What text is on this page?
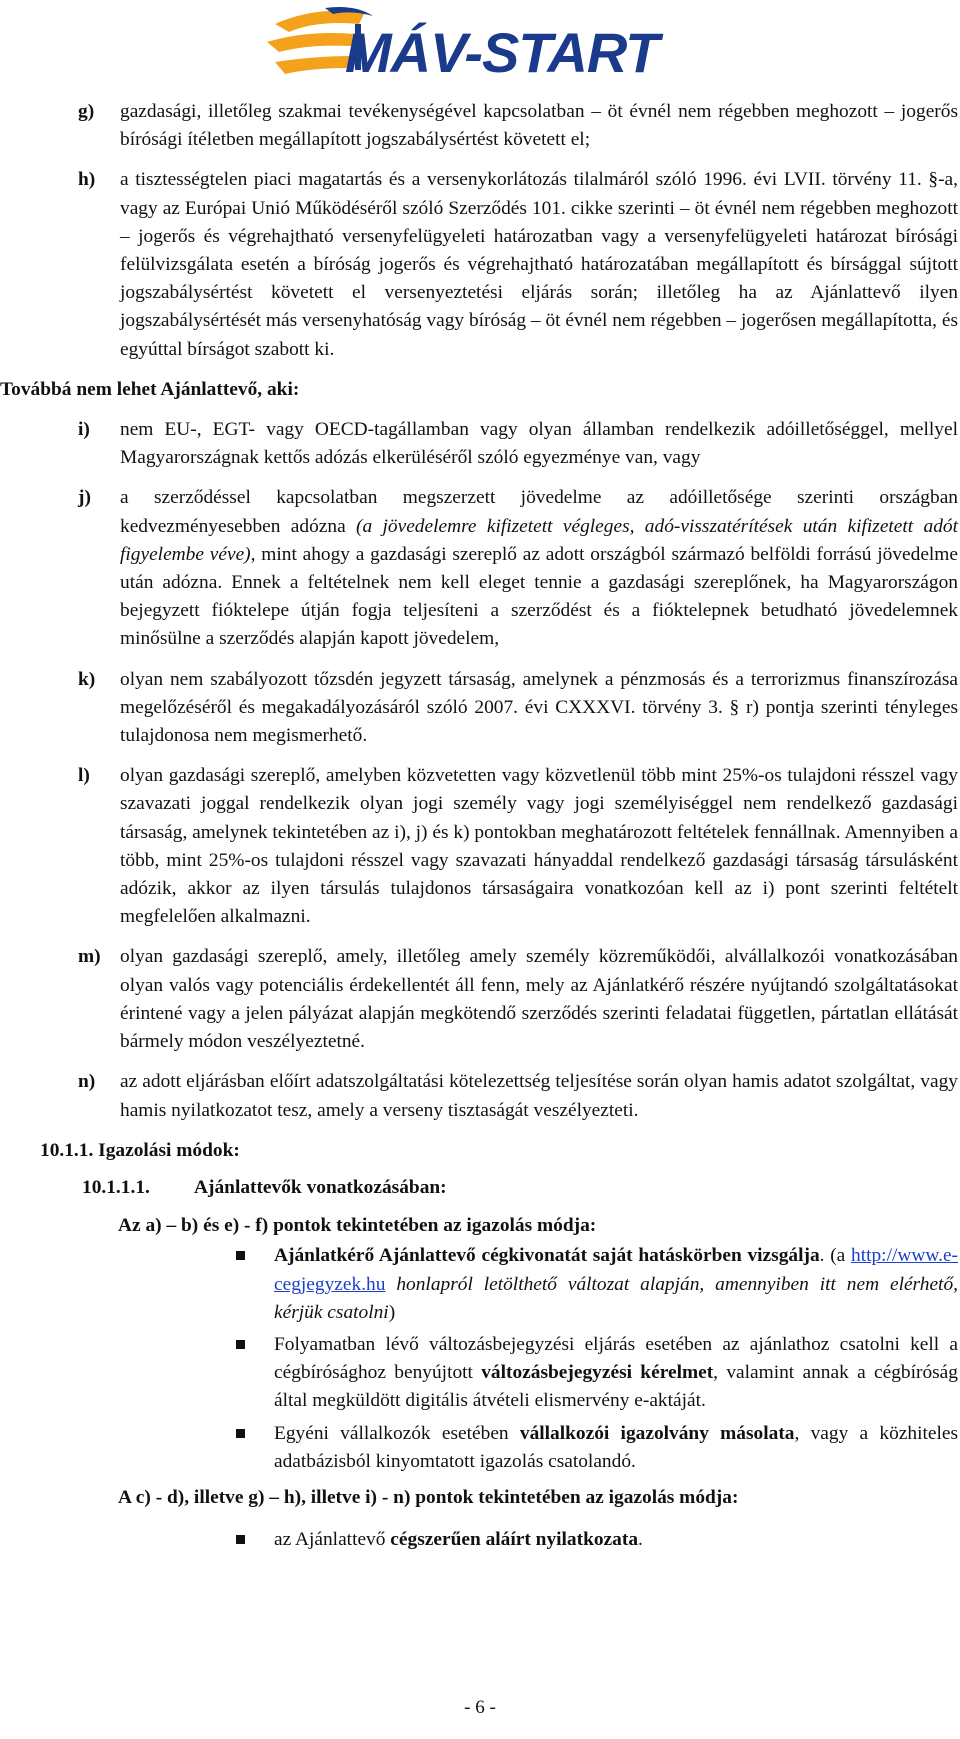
MÁV-START
g) gazdasági, illetőleg szakmai tevékenységével kapcsolatban – öt évnél nem régebben meghozott – jogerős bírósági ítéletben megállapított jogszabálysértést követett el;

h) a tisztességtelen piaci magatartás és a versenykorlátozás tilalmáról szóló 1996. évi LVII. törvény 11. §-a, vagy az Európai Unió Működéséről szóló Szerződés 101. cikke szerinti – öt évnél nem régebben meghozott – jogerős és végrehajtható versenyfelügyeleti határozatban vagy a versenyfelügyeleti határozat bírósági felülvizsgálata esetén a bíróság jogerős és végrehajtható határozatában megállapított és bírsággal sújtott jogszabálysértést követett el versenyeztetési eljárás során; illetőleg ha az Ajánlattevő ilyen jogszabálysértését más versenyhatóság vagy bíróság – öt évnél nem régebben – jogerősen megállapította, és egyúttal bírságot szabott ki.

Továbbá nem lehet Ajánlattevő, aki:
i) nem EU-, EGT- vagy OECD-tagállamban vagy olyan államban rendelkezik adóilletőséggel, mellyel Magyarországnak kettős adózás elkerüléséről szóló egyezménye van, vagy

j) a szerződéssel kapcsolatban megszerzett jövedelme az adóilletősége szerinti országban kedvezményesebben adózna (a jövedelemre kifizetett végleges, adó-visszatérítések után kifizetett adót figyelembe véve), mint ahogy a gazdasági szereplő az adott országból származó belföldi forrású jövedelme után adózna. Ennek a feltételnek nem kell eleget tennie a gazdasági szereplőnek, ha Magyarországon bejegyzett fióktelepe útján fogja teljesíteni a szerződést és a fióktelepnek betudható jövedelemnek minősülne a szerződés alapján kapott jövedelem,

k) olyan nem szabályozott tőzsdén jegyzett társaság, amelynek a pénzmosás és a terrorizmus finanszírozása megelőzéséről és megakadályozásáról szóló 2007. évi CXXXVI. törvény 3. § r) pontja szerinti tényleges tulajdonosa nem megismerhető.

l) olyan gazdasági szereplő, amelyben közvetetten vagy közvetlenül több mint 25%-os tulajdoni résszel vagy szavazati joggal rendelkezik olyan jogi személy vagy jogi személyiséggel nem rendelkező gazdasági társaság, amelynek tekintetében az i), j) és k) pontokban meghatározott feltételek fennállnak. Amennyiben a több, mint 25%-os tulajdoni résszel vagy szavazati hányaddal rendelkező gazdasági társaság társulásként adózik, akkor az ilyen társulás tulajdonos társaságaira vonatkozóan kell az i) pont szerinti feltételt megfelelően alkalmazni.

m) olyan gazdasági szereplő, amely, illetőleg amely személy közreműködői, alvállalkozói vonatkozásában olyan valós vagy potenciális érdekellentét áll fenn, mely az Ajánlatkérő részére nyújtandó szolgáltatásokat érintené vagy a jelen pályázat alapján megkötendő szerződés szerinti feladatai független, pártatlan ellátását bármely módon veszélyeztetné.

n) az adott eljárásban előírt adatszolgáltatási kötelezettség teljesítése során olyan hamis adatot szolgáltat, vagy hamis nyilatkozatot tesz, amely a verseny tisztaságát veszélyezteti.

10.1.1. Igazolási módok:
10.1.1.1. Ajánlattevők vonatkozásában:
Az a) – b) és e) - f) pontok tekintetében az igazolás módja:
Ajánlatkérő Ajánlattevő cégkivonatát saját hatáskörben vizsgálja. (a http://www.e-cegjegyzek.hu honlapról letölthető változat alapján, amennyiben itt nem elérhető, kérjük csatolni)
Folyamatban lévő változásbejegyzési eljárás esetében az ajánlathoz csatolni kell a cégbírósághoz benyújtott változásbejegyzési kérelmet, valamint annak a cégbíróság által megküldött digitális átvételi elismervény e-aktáját.
Egyéni vállalkozók esetében vállalkozói igazolvány másolata, vagy a közhiteles adatbázisból kinyomtatott igazolás csatolandó.
A c) - d), illetve g) – h), illetve i) - n) pontok tekintetében az igazolás módja:
az Ajánlattevő cégszerűen aláírt nyilatkozata.
- 6 -
